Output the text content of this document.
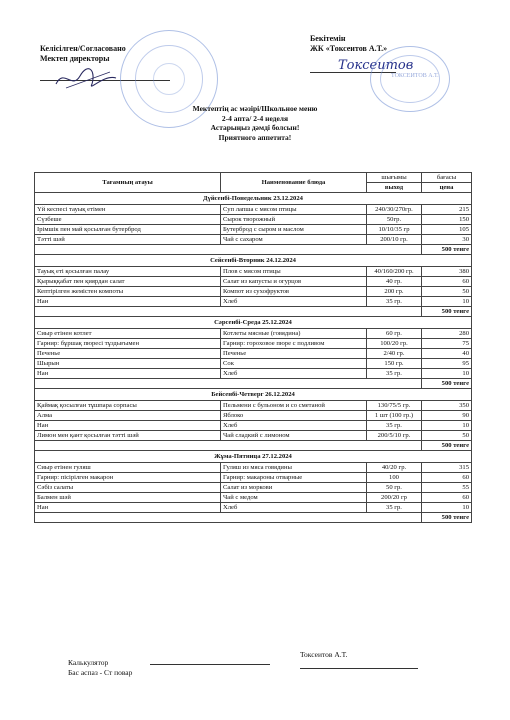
Келісілген/Согласовано
Мектеп директоры
Бекітемін
ЖК «Токсеитов А.Т.»
Токсеитов
ТОКСЕИТОВ А.Т.
Мектептің ас мәзірі/Школьное меню
2-4 апта/ 2-4 неделя
Астарыңыз дәмді болсын!
Приятного аппетита!
Тағамның атауы	Наименование блюда	шығымы	бағасы
		выход	цена
Дүйсенбі-Понедельник 23.12.2024			
Үй кеспесі тауық етімен	Суп лапша с мясом птицы	240/30/270гр.	215
Сүзбеше	Сырок творожный	50гр.	150
Ірімшік пен май қосылған бутерброд	Бутерброд с сыром и маслом	10/10/35 гр	105
Тәтті шәй	Чай с сахаром	200/10 гр.	30
			500 тенге
Сейсенбі-Вторник 24.12.2024			
Тауық еті қосылған палау	Плов с мясом птицы	40/160/200 гр.	380
Қырыққабат пен қиярдан салат	Салат из капусты и огурцов	40 гр.	60
Кептірілген жемістен компоты	Компот из сухофруктов	200 гр.	50
Нан	Хлеб	35 гр.	10
			500 тенге
Сәрсенбі-Среда 25.12.2024			
Сиыр етінен котлет	Котлеты мясные (говядина)	60 гр.	280
Гарнир: бұршақ пюресі тұздығымен	Гарнир: гороховое пюре с подливом	100/20 гр.	75
Печенье	Печенье	2/40 гр.	40
Шырын	Сок	150 гр.	95
Нан	Хлеб	35 гр.	10
			500 тенге
Бейсенбі-Четверг 26.12.2024			
Қаймақ қосылған тұшпара сорпасы	Пельмени с бульоном и со сметаной	130/75/5 гр.	350
Алма	Яблоко	1 шт (100 гр.)	90
Нан	Хлеб	35 гр.	10
Лимон мен қант қосылған тәтті шәй	Чай сладкий с лимоном	200/5/10 гр.	50
			500 тенге
Жұма-Пятница 27.12.2024			
Сиыр етінен гуляш	Гуляш из мяса говядины	40/20 гр.	315
Гарнир: пісірілген макарон	Гарнир: макароны отварные	100	60
Сәбіз салаты	Салат из моркови	50 гр.	55
Балмен шәй	Чай с медом	200/20 гр	60
Нан	Хлеб	35 гр.	10
			500 тенге
Калькулятор
Бас аспаз - Ст повар
Токсеитов А.Т.
